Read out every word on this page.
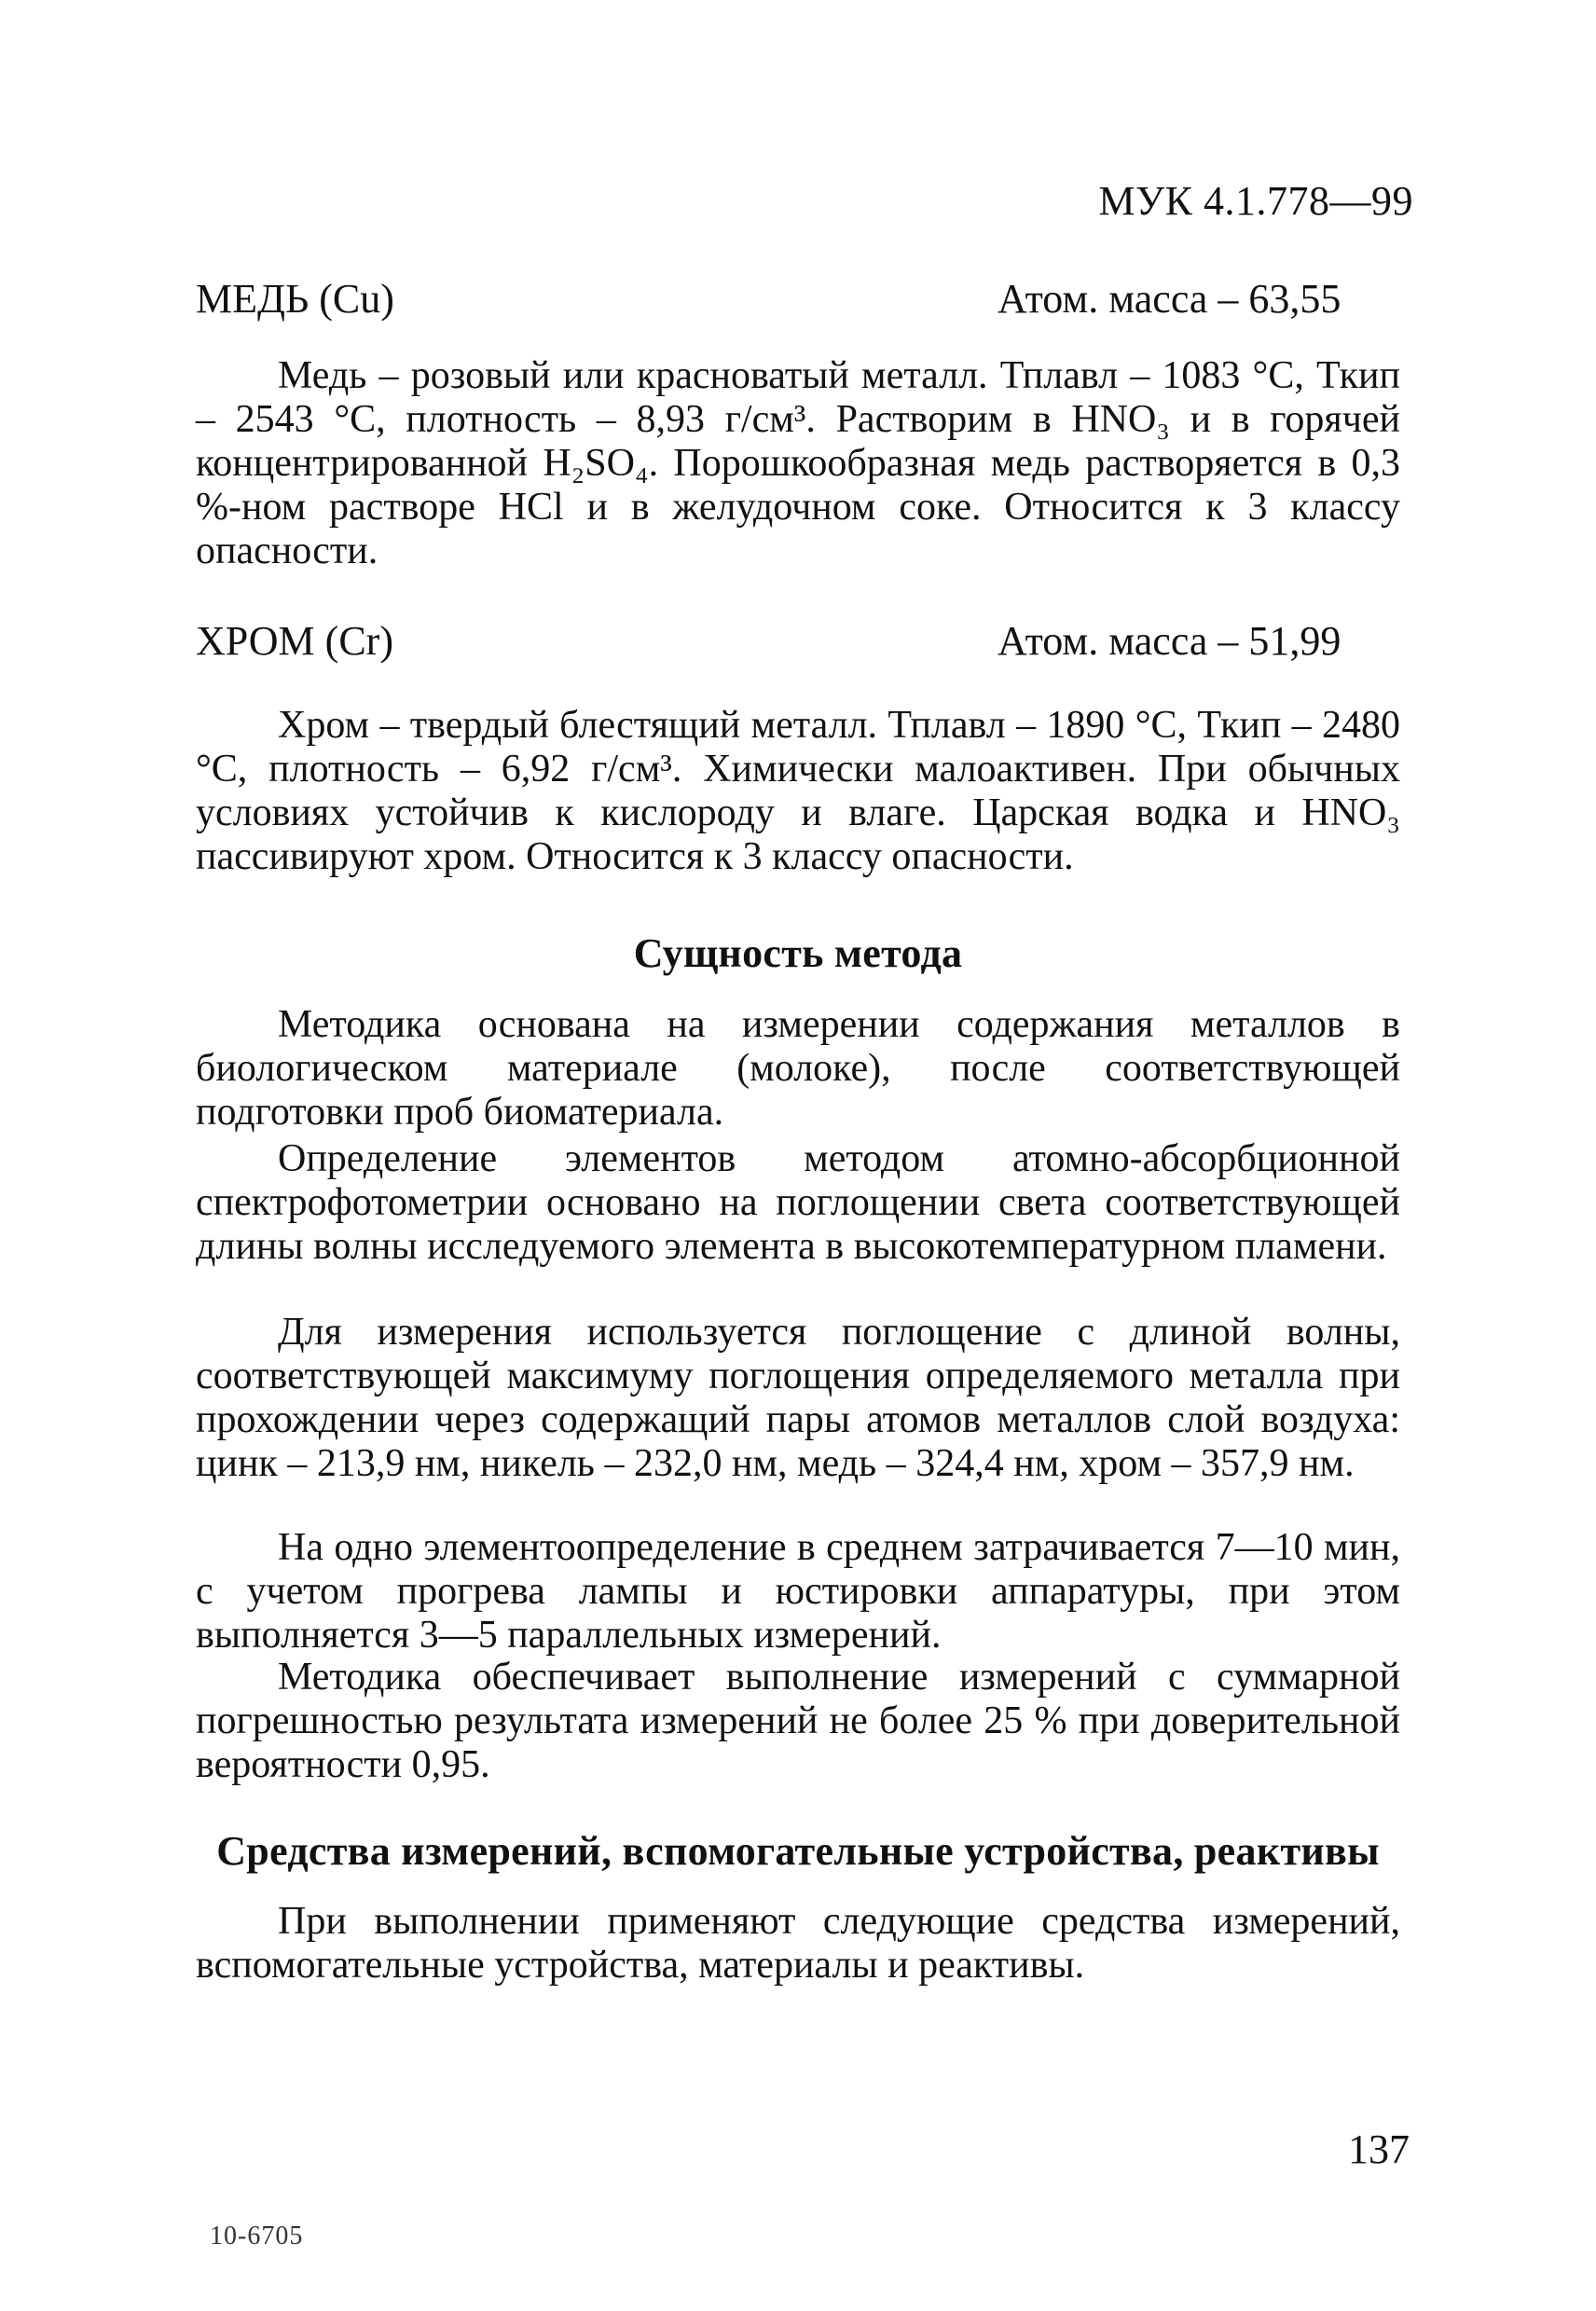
МУК 4.1.778—99
МЕДЬ (Cu)	Атом. масса – 63,55

Медь – розовый или красноватый металл. Тплавл – 1083 °С, Ткип – 2543 °С, плотность – 8,93 г/см³. Растворим в HNO₃ и в горячей концентрированной H₂SO₄. Порошкообразная медь растворяется в 0,3 %-ном растворе HCl и в желудочном соке. Относится к 3 классу опасности.

ХРОМ (Cr)	Атом. масса – 51,99

Хром – твердый блестящий металл. Тплавл – 1890 °С, Ткип – 2480 °С, плотность – 6,92 г/см³. Химически малоактивен. При обычных условиях устойчив к кислороду и влаге. Царская водка и HNO₃ пассивируют хром. Относится к 3 классу опасности.

Сущность метода

Методика основана на измерении содержания металлов в биологическом материале (молоке), после соответствующей подготовки проб биоматериала.

Определение элементов методом атомно-абсорбционной спектрофотометрии основано на поглощении света соответствующей длины волны исследуемого элемента в высокотемпературном пламени.

Для измерения используется поглощение с длиной волны, соответствующей максимуму поглощения определяемого металла при прохождении через содержащий пары атомов металлов слой воздуха: цинк – 213,9 нм, никель – 232,0 нм, медь – 324,4 нм, хром – 357,9 нм.

На одно элементоопределение в среднем затрачивается 7—10 мин, с учетом прогрева лампы и юстировки аппаратуры, при этом выполняется 3—5 параллельных измерений.

Методика обеспечивает выполнение измерений с суммарной погрешностью результата измерений не более 25 % при доверительной вероятности 0,95.

Средства измерений, вспомогательные устройства, реактивы

При выполнении применяют следующие средства измерений, вспомогательные устройства, материалы и реактивы.

137
10-6705
